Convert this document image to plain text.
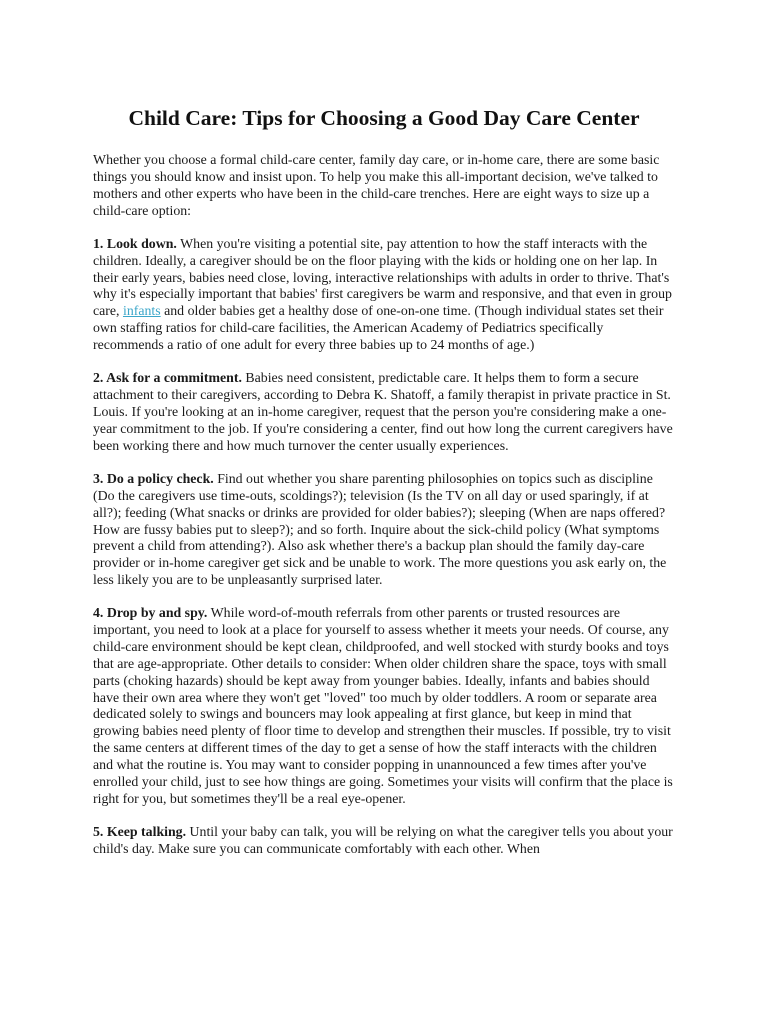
Child Care: Tips for Choosing a Good Day Care Center

Whether you choose a formal child-care center, family day care, or in-home care, there are some basic things you should know and insist upon. To help you make this all-important decision, we've talked to mothers and other experts who have been in the child-care trenches. Here are eight ways to size up a child-care option:

1. Look down. When you're visiting a potential site, pay attention to how the staff interacts with the children. Ideally, a caregiver should be on the floor playing with the kids or holding one on her lap. In their early years, babies need close, loving, interactive relationships with adults in order to thrive. That's why it's especially important that babies' first caregivers be warm and responsive, and that even in group care, infants and older babies get a healthy dose of one-on-one time. (Though individual states set their own staffing ratios for child-care facilities, the American Academy of Pediatrics specifically recommends a ratio of one adult for every three babies up to 24 months of age.)

2. Ask for a commitment. Babies need consistent, predictable care. It helps them to form a secure attachment to their caregivers, according to Debra K. Shatoff, a family therapist in private practice in St. Louis. If you're looking at an in-home caregiver, request that the person you're considering make a one-year commitment to the job. If you're considering a center, find out how long the current caregivers have been working there and how much turnover the center usually experiences.

3. Do a policy check. Find out whether you share parenting philosophies on topics such as discipline (Do the caregivers use time-outs, scoldings?); television (Is the TV on all day or used sparingly, if at all?); feeding (What snacks or drinks are provided for older babies?); sleeping (When are naps offered? How are fussy babies put to sleep?); and so forth. Inquire about the sick-child policy (What symptoms prevent a child from attending?). Also ask whether there's a backup plan should the family day-care provider or in-home caregiver get sick and be unable to work. The more questions you ask early on, the less likely you are to be unpleasantly surprised later.

4. Drop by and spy. While word-of-mouth referrals from other parents or trusted resources are important, you need to look at a place for yourself to assess whether it meets your needs. Of course, any child-care environment should be kept clean, childproofed, and well stocked with sturdy books and toys that are age-appropriate. Other details to consider: When older children share the space, toys with small parts (choking hazards) should be kept away from younger babies. Ideally, infants and babies should have their own area where they won't get "loved" too much by older toddlers. A room or separate area dedicated solely to swings and bouncers may look appealing at first glance, but keep in mind that growing babies need plenty of floor time to develop and strengthen their muscles. If possible, try to visit the same centers at different times of the day to get a sense of how the staff interacts with the children and what the routine is. You may want to consider popping in unannounced a few times after you've enrolled your child, just to see how things are going. Sometimes your visits will confirm that the place is right for you, but sometimes they'll be a real eye-opener.

5. Keep talking. Until your baby can talk, you will be relying on what the caregiver tells you about your child's day. Make sure you can communicate comfortably with each other. When
